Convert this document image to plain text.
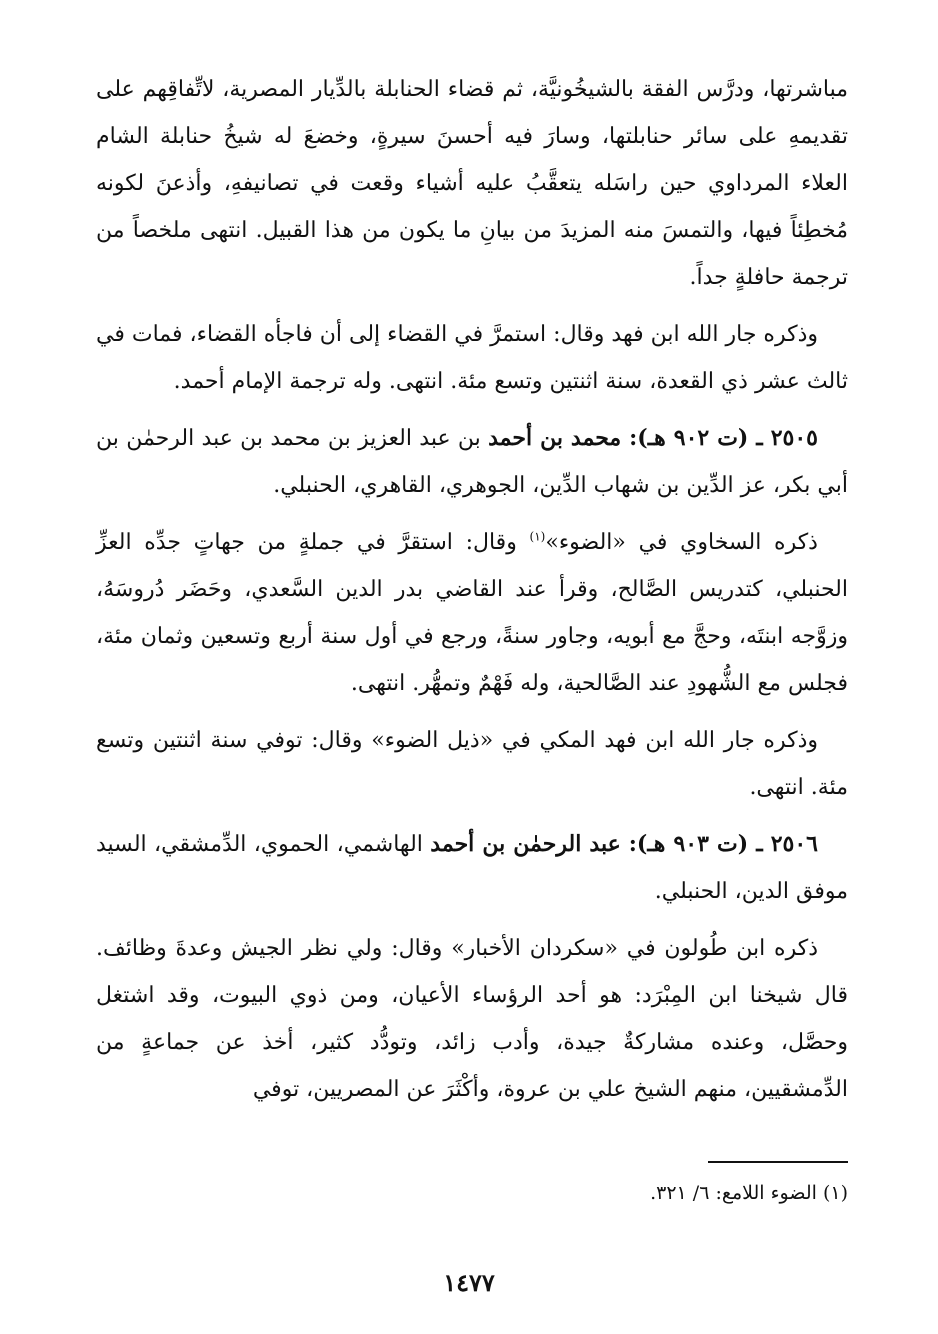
مباشرتها، ودرَّس الفقة بالشيخُونيَّة، ثم قضاء الحنابلة بالدِّيار المصرية، لاتِّفاقِهم على تقديمهِ على سائر حنابلتها، وسارَ فيه أحسنَ سيرةٍ، وخضعَ له شيخُ حنابلة الشام العلاء المرداوي حين راسَله يتعقَّبُ عليه أشياء وقعت في تصانيفهِ، وأذعنَ لكونه مُخطِئاً فيها، والتمسَ منه المزيدَ من بيانِ ما يكون من هذا القبيل. انتهى ملخصاً من ترجمة حافلةٍ جداً.

وذكره جار الله ابن فهد وقال: استمرَّ في القضاء إلى أن فاجأه القضاء، فمات في ثالث عشر ذي القعدة، سنة اثنتين وتسع مئة. انتهى. وله ترجمة الإمام أحمد.

٢٥٠٥ ـ (ت ٩٠٢ هـ): محمد بن أحمد بن عبد العزيز بن محمد بن عبد الرحمٰن بن أبي بكر، عز الدِّين بن شهاب الدِّين، الجوهري، القاهري، الحنبلي.

ذكره السخاوي في «الضوء»$^{(١)}$ وقال: استقرَّ في جملةٍ من جهاتٍ جدِّه العزِّ الحنبلي، كتدريس الصَّالح، وقرأ عند القاضي بدر الدين السَّعدي، وحَضَر دُروسَهُ، وزوَّجه ابنتَه، وحجَّ مع أبويه، وجاور سنةً، ورجع في أول سنة أربع وتسعين وثمان مئة، فجلس مع الشُّهودِ عند الصَّالحية، وله فَهْمٌ وتمهُّر. انتهى.

وذكره جار الله ابن فهد المكي في «ذيل الضوء» وقال: توفي سنة اثنتين وتسع مئة. انتهى.

٢٥٠٦ ـ (ت ٩٠٣ هـ): عبد الرحمٰن بن أحمد الهاشمي، الحموي، الدِّمشقي، السيد موفق الدين، الحنبلي.

ذكره ابن طُولون في «سكردان الأخبار» وقال: ولي نظر الجيش وعدةَ وظائف. قال شيخنا ابن المِبْرَد: هو أحد الرؤساء الأعيان، ومن ذوي البيوت، وقد اشتغل وحصَّل، وعنده مشاركةٌ جيدة، وأدب زائد، وتودُّد كثير، أخذ عن جماعةٍ من الدِّمشقيين، منهم الشيخ علي بن عروة، وأكْثَرَ عن المصريين، توفي

(١) الضوء اللامع: ٦/ ٣٢١.
١٤٧٧
